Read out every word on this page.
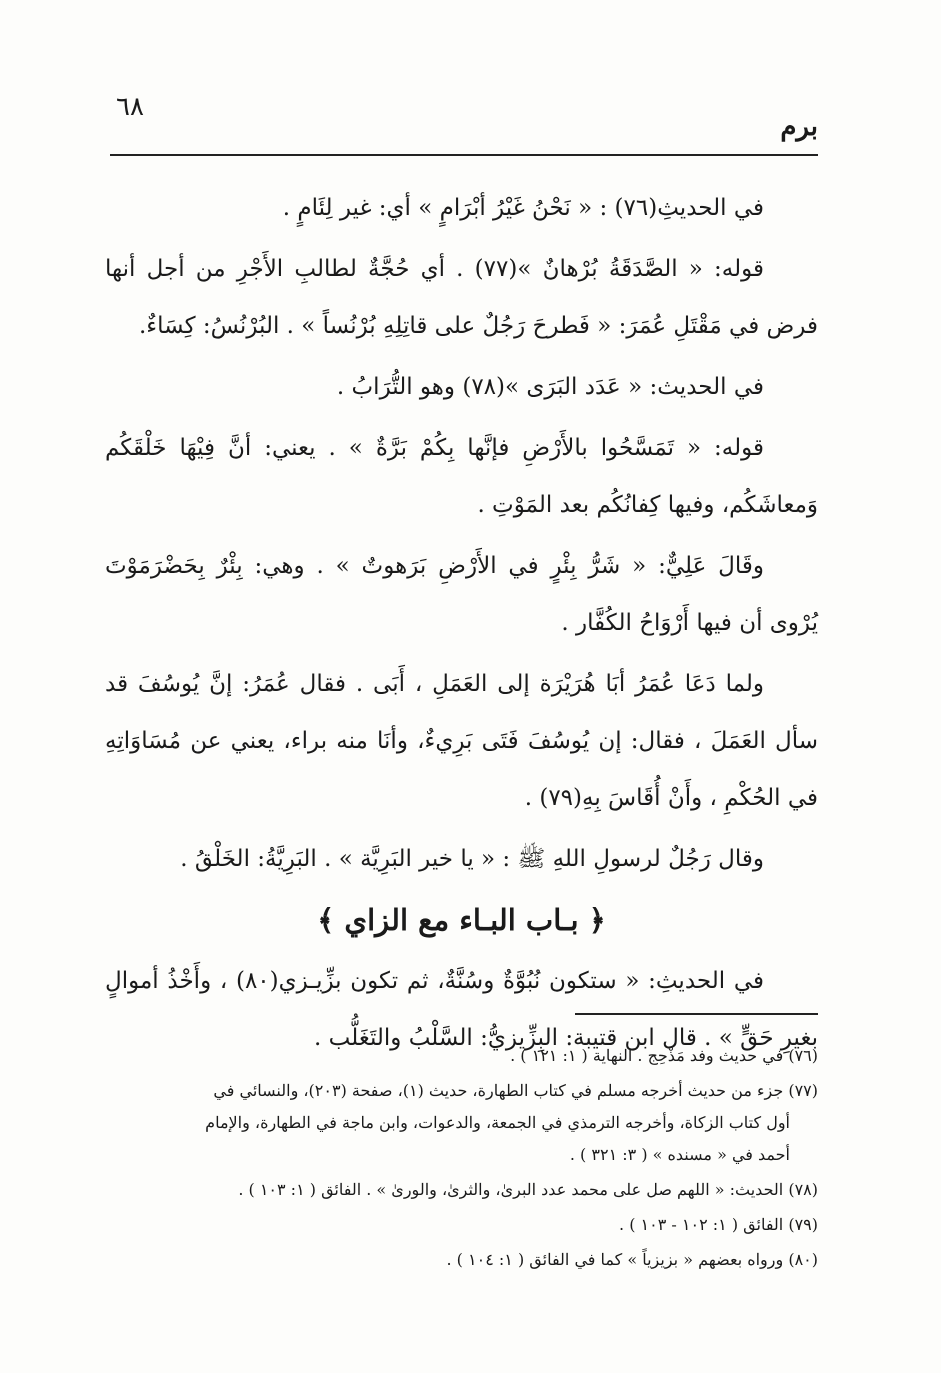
٦٨
برم

في الحديثِ(٧٦) : « نَحْنُ غَيْرُ أبْرَامٍ » أي: غير لِئَامٍ .

قوله: « الصَّدَقَةُ بُرْهانٌ »(٧٧) . أي حُجَّةٌ لطالبِ الأَجْرِ من أجل أنها فرض في مَقْتَلِ عُمَرَ: « فَطرحَ رَجُلٌ على قاتِلِهِ بُرْنُساً » . البُرْنُسُ: كِسَاءٌ.

في الحديث: « عَدَد البَرَى »(٧٨) وهو التُّرَابُ .

قوله: « تَمَسَّحُوا بالأَرْضِ فإنَّها بِكُمْ بَرَّةٌ » . يعني: أنَّ فِيْهَا خَلْقَكُم وَمعاشَكُم، وفيها كِفانُكُم بعد المَوْتِ .

وقَالَ عَلِيٌّ: « شَرُّ بِئْرٍ في الأَرْضِ بَرَهوتٌ » . وهي: بِئْرٌ بِحَضْرَمَوْتَ يُرْوى أن فيها أَرْوَاحُ الكُفَّار .

ولما دَعَا عُمَرُ أبَا هُرَيْرَة إلى العَمَلِ ، أَبَى . فقال عُمَرُ: إنَّ يُوسُفَ قد سأل العَمَلَ ، فقال: إن يُوسُفَ فَتَى بَرِيءٌ، وأنَا منه براء، يعني عن مُسَاوَاتِهِ في الحُكْمِ ، وأَنْ أُقَاسَ بِهِ(٧٩) .

وقال رَجُلٌ لرسولِ اللهِ ﷺ : « يا خير البَرِيَّة » . البَرِيَّةُ: الخَلْقُ .

﴿ بـاب البـاء مع الزاي ﴾

في الحديثِ: « ستكون نُبُوَّةٌ وسُنَّةٌ، ثم تكون بزِّيـزي(٨٠) ، وأَخْذُ أموالٍ بغيرِ حَقٍّ » . قال ابن قتيبة: البِزِّيزيُّ: السَّلْبُ والتَغَلُّب .

(٧٦) في حديث وفد مَذْحِج . النهاية ( ١: ١٢١ ) .

(٧٧) جزء من حديث أخرجه مسلم في كتاب الطهارة، حديث (١)، صفحة (٢٠٣)، والنسائي في
أول كتاب الزكاة، وأخرجه الترمذي في الجمعة، والدعوات، وابن ماجة في الطهارة، والإمام
أحمد في « مسنده » ( ٣: ٣٢١ ) .

(٧٨) الحديث: « اللهم صل على محمد عدد البرىٰ، والثرىٰ، والورىٰ » . الفائق ( ١: ١٠٣ ) .

(٧٩) الفائق ( ١: ١٠٢ - ١٠٣ ) .

(٨٠) ورواه بعضهم « بزيزياً » كما في الفائق ( ١: ١٠٤ ) .
